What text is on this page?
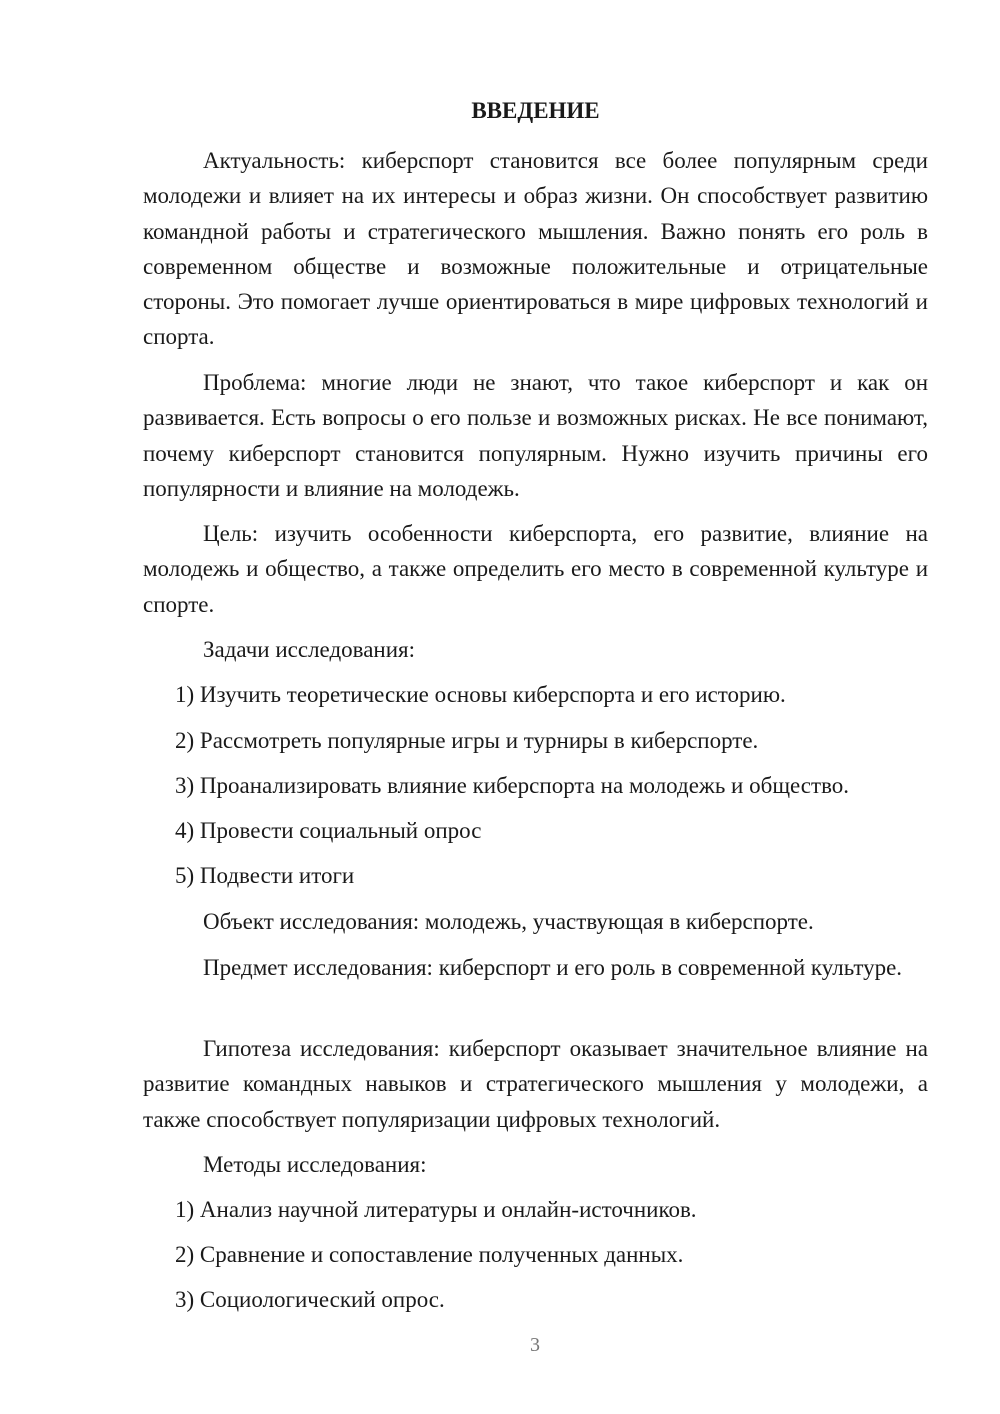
ВВЕДЕНИЕ

Актуальность: киберспорт становится все более популярным среди молодежи и влияет на их интересы и образ жизни. Он способствует развитию командной работы и стратегического мышления. Важно понять его роль в современном обществе и возможные положительные и отрицательные стороны. Это помогает лучше ориентироваться в мире цифровых технологий и спорта.

Проблема: многие люди не знают, что такое киберспорт и как он развивается. Есть вопросы о его пользе и возможных рисках. Не все понимают, почему киберспорт становится популярным. Нужно изучить причины его популярности и влияние на молодежь.

Цель: изучить особенности киберспорта, его развитие, влияние на молодежь и общество, а также определить его место в современной культуре и спорте.

Задачи исследования:

1) Изучить теоретические основы киберспорта и его историю.

2) Рассмотреть популярные игры и турниры в киберспорте.

3) Проанализировать влияние киберспорта на молодежь и общество.

4) Провести социальный опрос

5) Подвести итоги

Объект исследования: молодежь, участвующая в киберспорте.

Предмет исследования: киберспорт и его роль в современной культуре.

Гипотеза исследования: киберспорт оказывает значительное влияние на развитие командных навыков и стратегического мышления у молодежи, а также способствует популяризации цифровых технологий.

Методы исследования:

1) Анализ научной литературы и онлайн-источников.

2) Сравнение и сопоставление полученных данных.

3) Социологический опрос.

3
